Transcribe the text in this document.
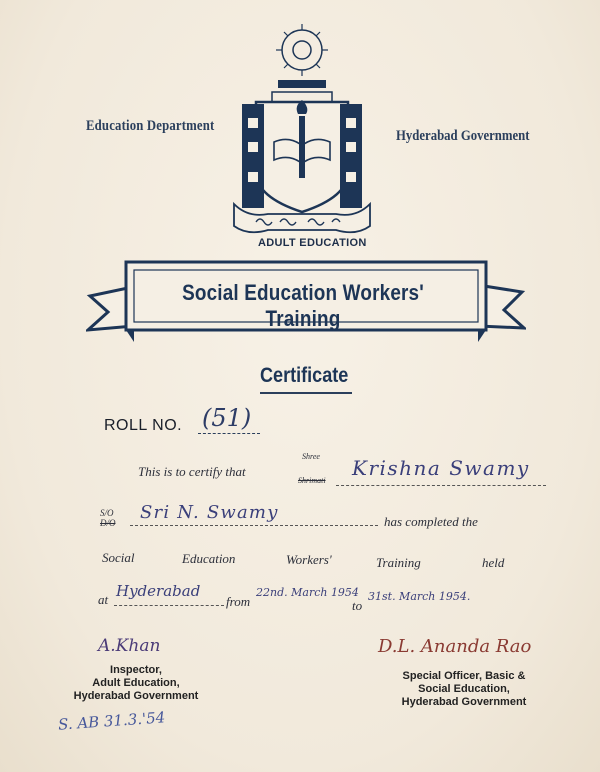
Education Department
Hyderabad Government
ADULT EDUCATION
Social Education Workers' Training
Certificate
ROLL NO. (51)
This is to certify that
Shree
Shrimati
Krishna Swamy
S/O
D/O Sri N. Swamy	has completed the
Social	Education	Workers'	Training	held
at Hyderabad
from
22nd. March 1954
to
31st. March 1954.
A.Khan
Inspector,
Adult Education,
Hyderabad Government
D.L. Ananda Rao
Special Officer, Basic &
Social Education,
Hyderabad Government
S. AB 31.3.'54
